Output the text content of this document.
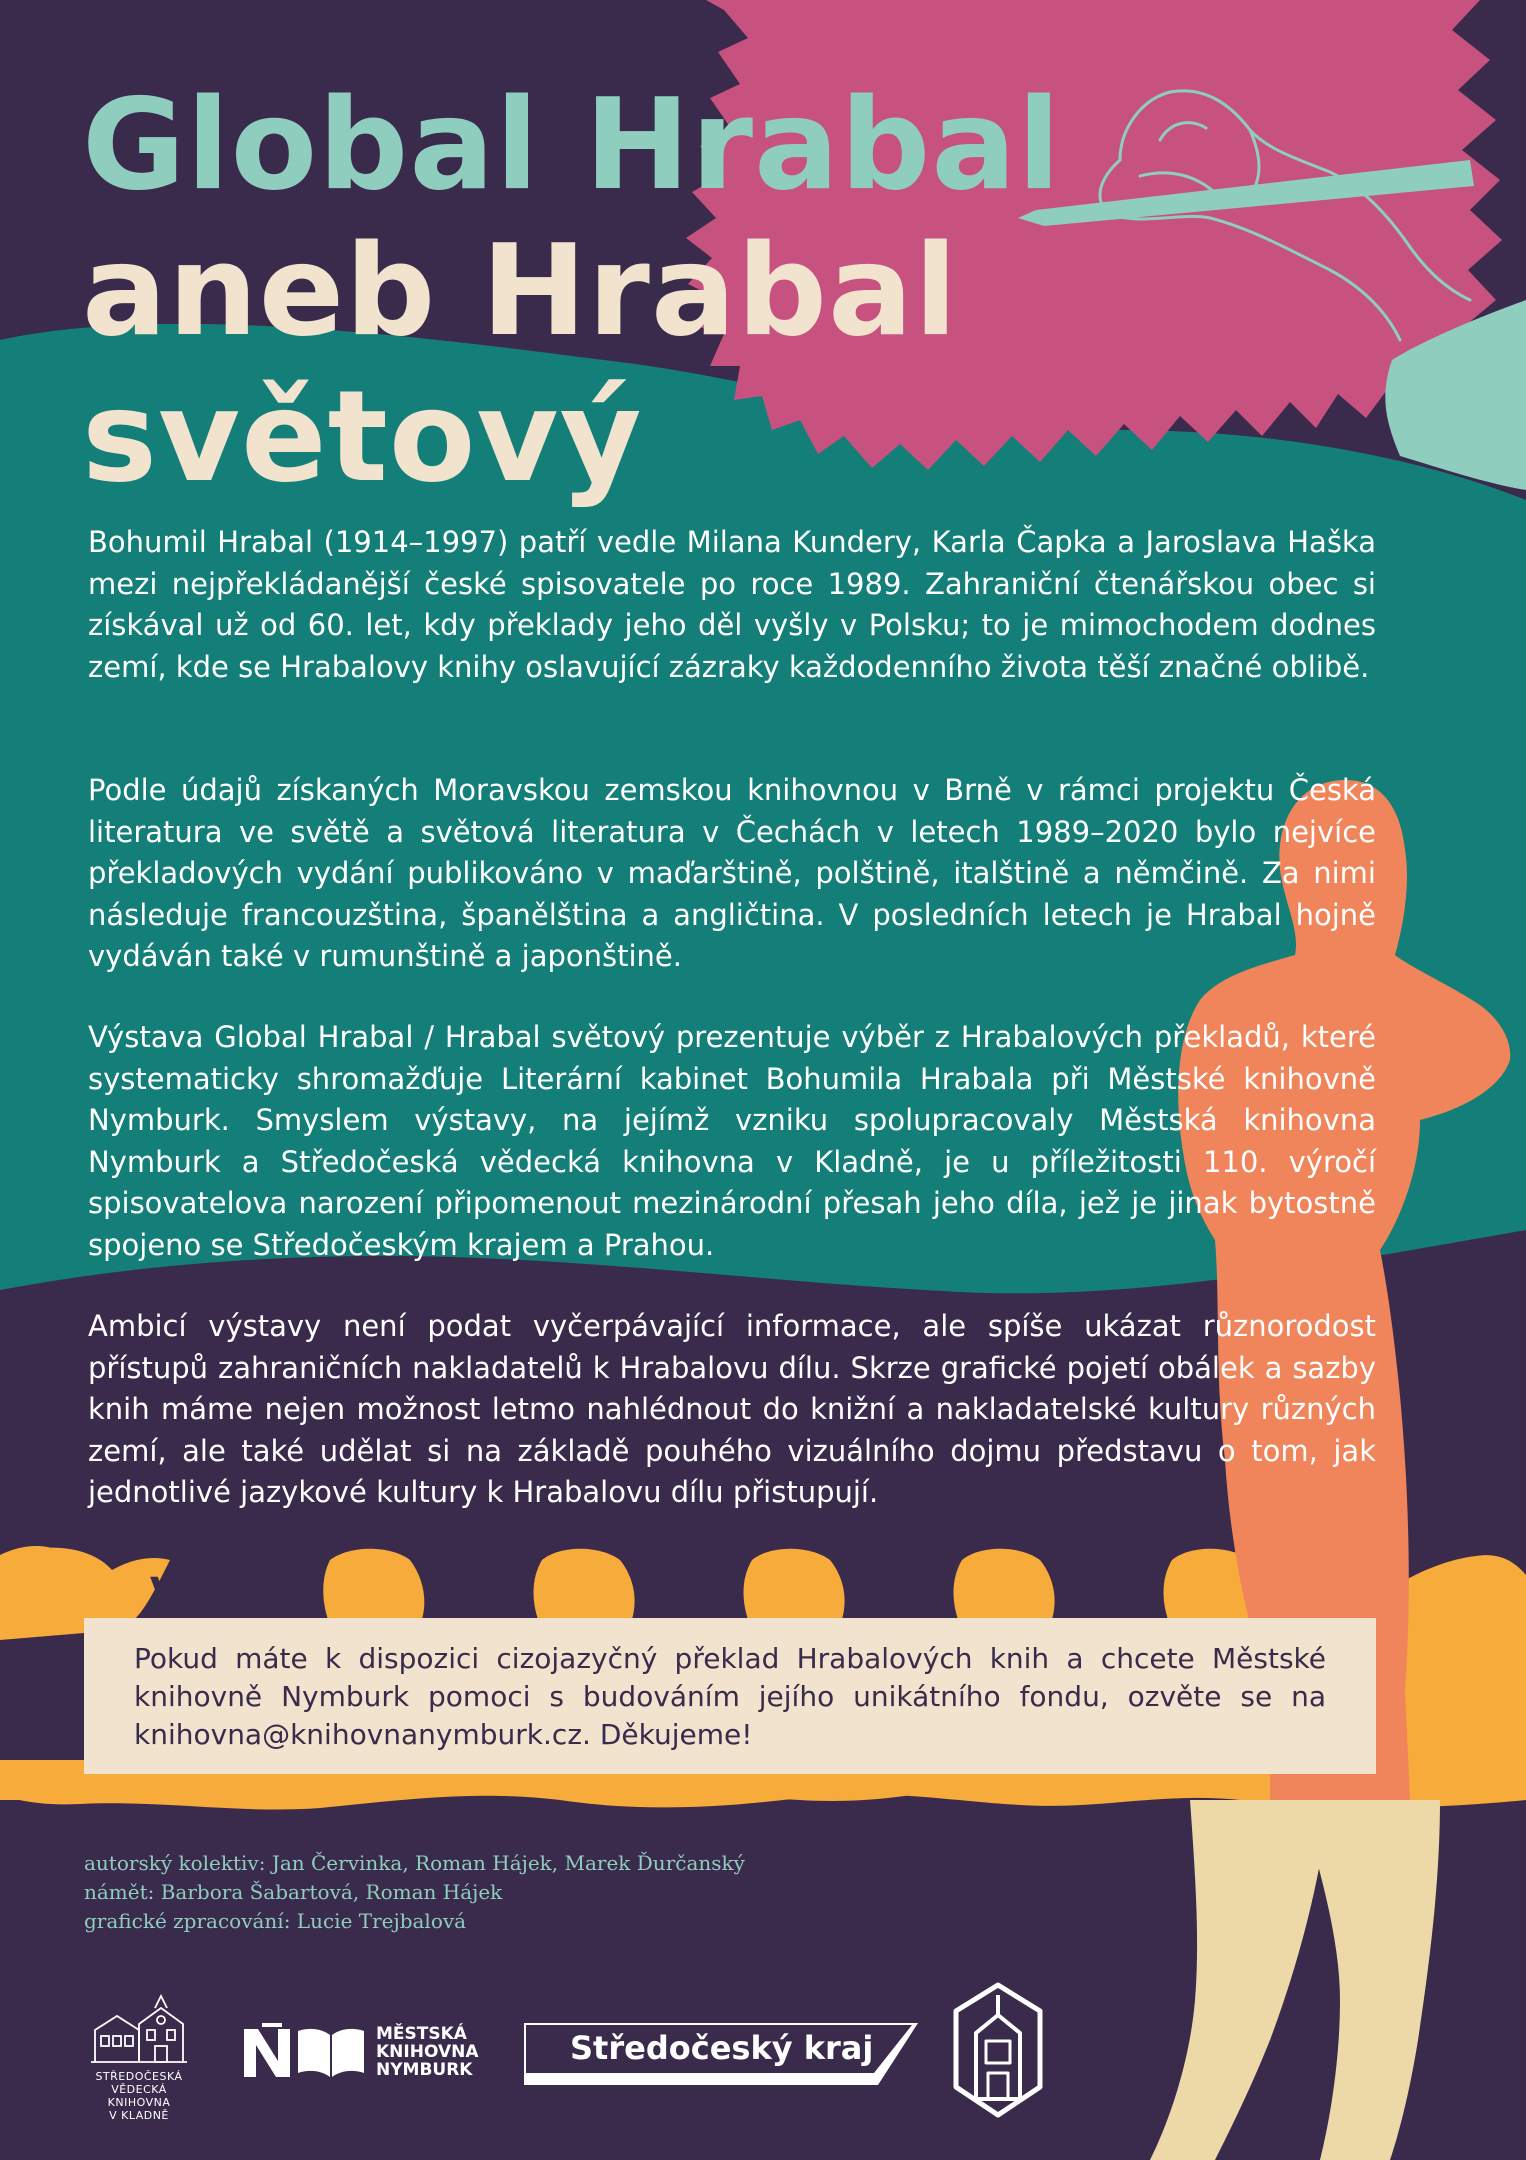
Global Hrabal
aneb Hrabal
světový

Bohumil Hrabal (1914–1997) patří vedle Milana Kundery, Karla Čapka a Jaroslava Haška mezi nejpřekládanější české spisovatele po roce 1989. Zahraniční čtenářskou obec si získával už od 60. let, kdy překlady jeho děl vyšly v Polsku; to je mimochodem dodnes zemí, kde se Hrabalovy knihy oslavující zázraky každodenního života těší značné oblibě.

Podle údajů získaných Moravskou zemskou knihovnou v Brně v rámci projektu Česká literatura ve světě a světová literatura v Čechách v letech 1989–2020 bylo nejvíce překladových vydání publikováno v maďarštině, polštině, italštině a němčině. Za nimi následuje francouzština, španělština a angličtina. V posledních letech je Hrabal hojně vydáván také v rumunštině a japonštině.

Výstava Global Hrabal / Hrabal světový prezentuje výběr z Hrabalových překladů, které systematicky shromažďuje Literární kabinet Bohumila Hrabala při Městské knihovně Nymburk. Smyslem výstavy, na jejímž vzniku spolupracovaly Městská knihovna Nymburk a Středočeská vědecká knihovna v Kladně, je u příležitosti 110. výročí spisovatelova narození připomenout mezinárodní přesah jeho díla, jež je jinak bytostně spojeno se Středočeským krajem a Prahou.

Ambicí výstavy není podat vyčerpávající informace, ale spíše ukázat různorodost přístupů zahraničních nakladatelů k Hrabalovu dílu. Skrze grafické pojetí obálek a sazby knih máme nejen možnost letmo nahlédnout do knižní a nakladatelské kultury různých zemí, ale také udělat si na základě pouhého vizuálního dojmu představu o tom, jak jednotlivé jazykové kultury k Hrabalovu dílu přistupují.

VÝZVA

Pokud máte k dispozici cizojazyčný překlad Hrabalových knih a chcete Městské knihovně Nymburk pomoci s budováním jejího unikátního fondu, ozvěte se na knihovna@knihovnanymburk.cz. Děkujeme!

autorský kolektiv: Jan Červinka, Roman Hájek, Marek Ďurčanský
námět: Barbora Šabartová, Roman Hájek
grafické zpracování: Lucie Trejbalová
STŘEDOČESKÁ
VĚDECKÁ
KNIHOVNA
V KLADNĚ
MĚSTSKÁ
KNIHOVNA
NYMBURK
Středočeský kraj
